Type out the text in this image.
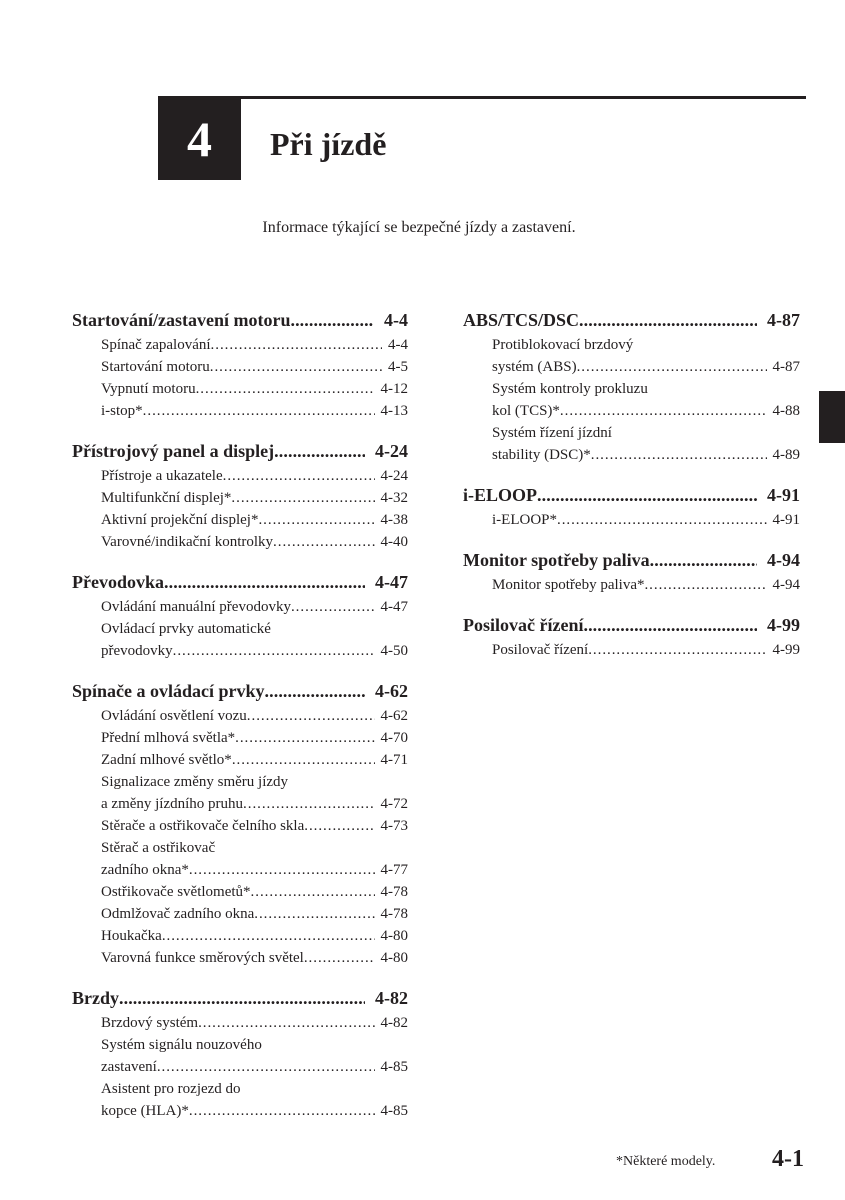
4	Při jízdě
Informace týkající se bezpečné jízdy a zastavení.
Startování/zastavení motoru . . .	4-4
Spínač zapalování . . .	4-4
Startování motoru . . .	4-5
Vypnutí motoru . . .	4-12
i-stop* . . .	4-13
Přístrojový panel a displej . . .	4-24
Přístroje a ukazatele . . .	4-24
Multifunkční displej* . . .	4-32
Aktivní projekční displej* . . .	4-38
Varovné/indikační kontrolky . . .	4-40
Převodovka . . .	4-47
Ovládání manuální převodovky . . .	4-47
Ovládací prvky automatické
převodovky . . .	4-50
Spínače a ovládací prvky . . .	4-62
Ovládání osvětlení vozu . . .	4-62
Přední mlhová světla* . . .	4-70
Zadní mlhové světlo* . . .	4-71
Signalizace změny směru jízdy
a změny jízdního pruhu . . .	4-72
Stěrače a ostřikovače čelního skla . . .	4-73
Stěrač a ostřikovač
zadního okna* . . .	4-77
Ostřikovače světlometů* . . .	4-78
Odmlžovač zadního okna . . .	4-78
Houkačka . . .	4-80
Varovná funkce směrových světel . . .	4-80
Brzdy . . .	4-82
Brzdový systém . . .	4-82
Systém signálu nouzového
zastavení . . .	4-85
Asistent pro rozjezd do
kopce (HLA)* . . .	4-85
ABS/TCS/DSC . . .	4-87
Protiblokovací brzdový
systém (ABS) . . .	4-87
Systém kontroly prokluzu
kol (TCS)* . . .	4-88
Systém řízení jízdní
stability (DSC)* . . .	4-89
i-ELOOP . . .	4-91
i-ELOOP* . . .	4-91
Monitor spotřeby paliva . . .	4-94
Monitor spotřeby paliva* . . .	4-94
Posilovač řízení . . .	4-99
Posilovač řízení . . .	4-99
*Některé modely. 4-1
